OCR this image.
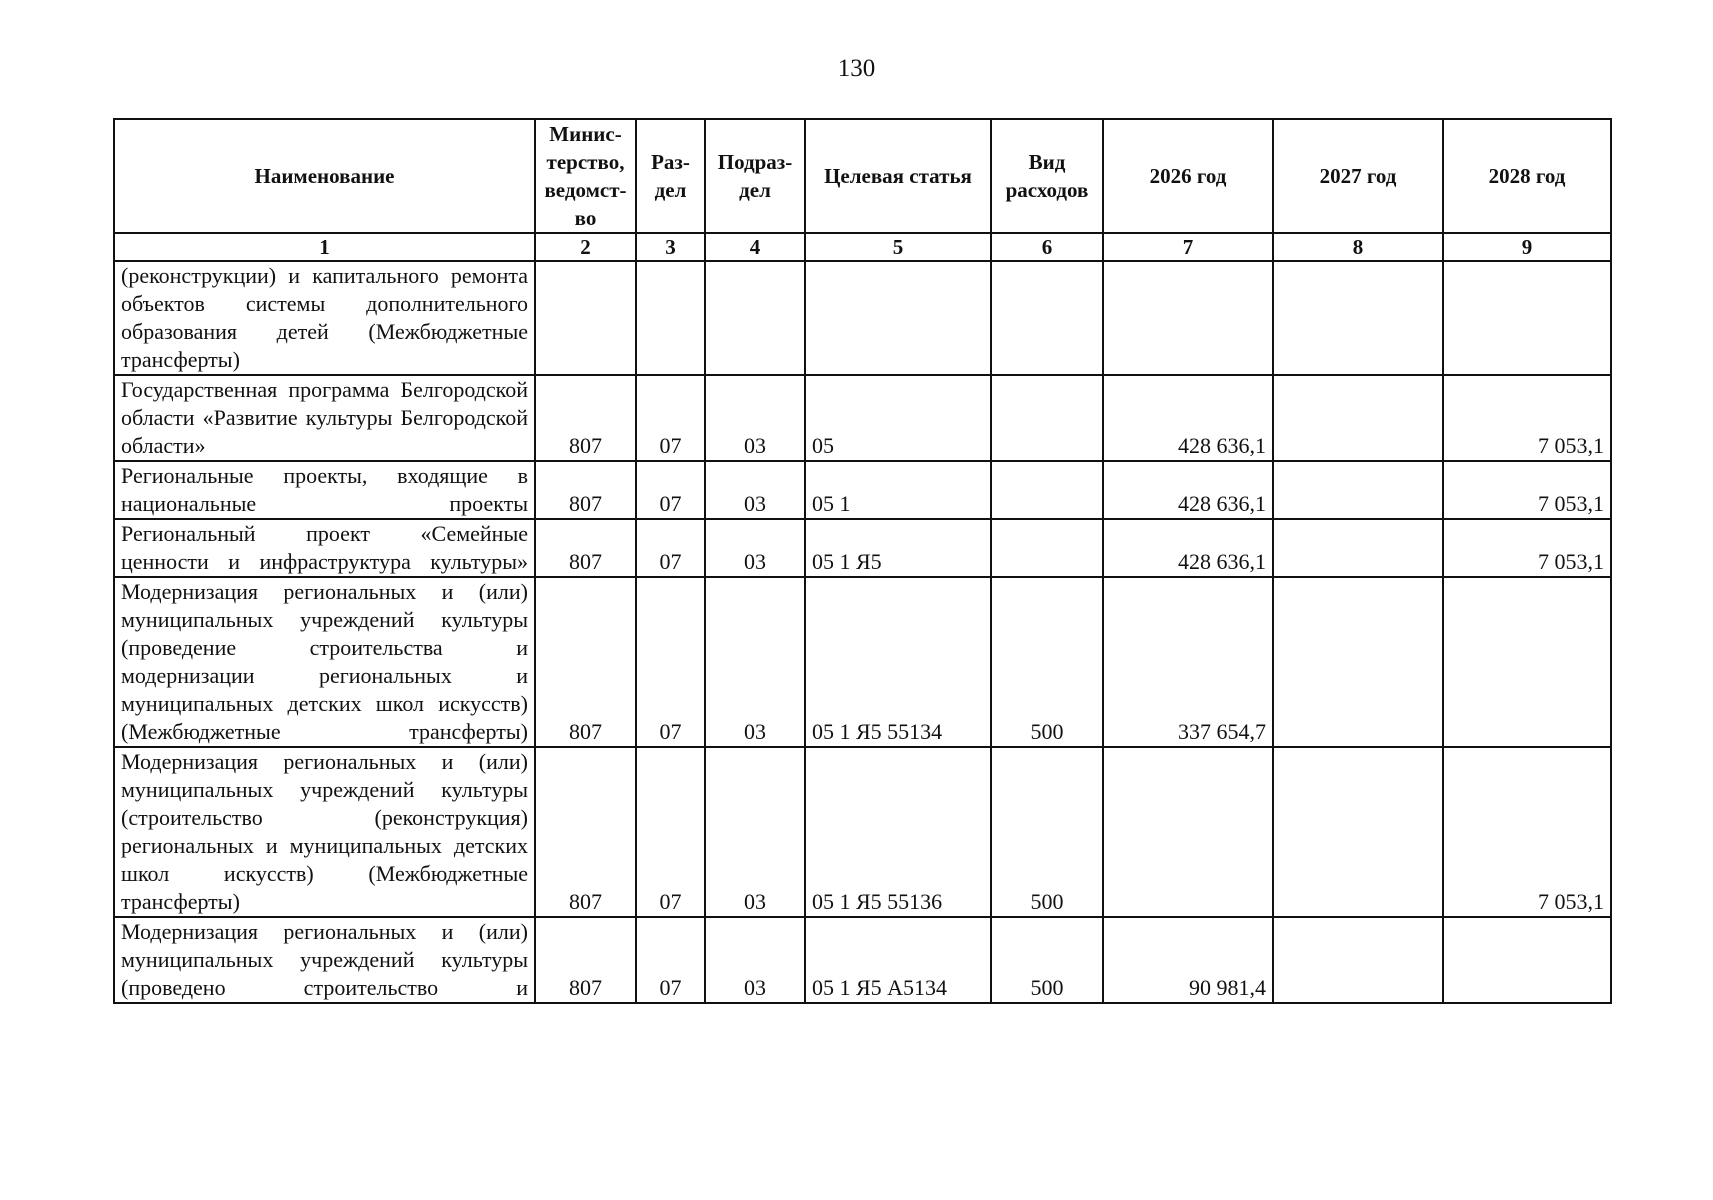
130
Наименование	Минис-терство, ведомст-во	Раз-дел	Подраз-дел	Целевая статья	Вид расходов	2026 год	2027 год	2028 год
1	2	3	4	5	6	7	8	9
(реконструкции) и капитального ремонта объектов системы дополнительного образования детей (Межбюджетные трансферты)								
Государственная программа Белгородской области «Развитие культуры Белгородской области»	807	07	03	05		428 636,1		7 053,1
Региональные проекты, входящие в национальные проекты	807	07	03	05 1		428 636,1		7 053,1
Региональный проект «Семейные ценности и инфраструктура культуры»	807	07	03	05 1 Я5		428 636,1		7 053,1
Модернизация региональных и (или) муниципальных учреждений культуры (проведение строительства и модернизации региональных и муниципальных детских школ искусств) (Межбюджетные трансферты)	807	07	03	05 1 Я5 55134	500	337 654,7		
Модернизация региональных и (или) муниципальных учреждений культуры (строительство (реконструкция) региональных и муниципальных детских школ искусств) (Межбюджетные трансферты)	807	07	03	05 1 Я5 55136	500			7 053,1
Модернизация региональных и (или) муниципальных учреждений культуры (проведено строительство и	807	07	03	05 1 Я5 А5134	500	90 981,4		
